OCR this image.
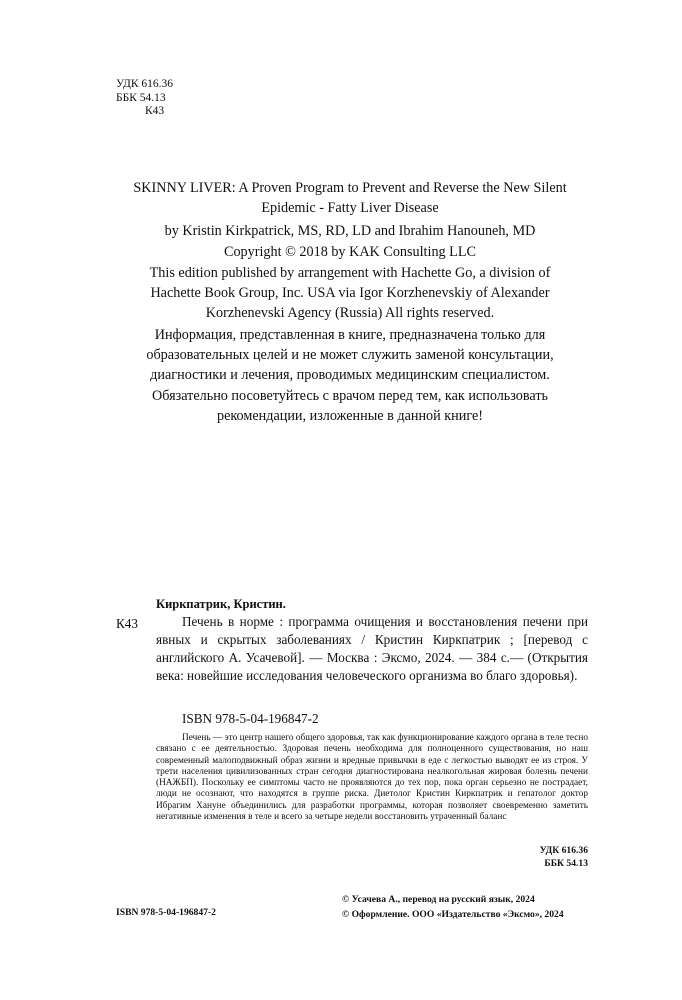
УДК 616.36
ББК 54.13
К43
SKINNY LIVER: A Proven Program to Prevent and Reverse the New Silent Epidemic - Fatty Liver Disease
by Kristin Kirkpatrick, MS, RD, LD and Ibrahim Hanouneh, MD
Copyright © 2018 by KAK Consulting LLC
This edition published by arrangement with Hachette Go, a division of Hachette Book Group, Inc. USA via Igor Korzhenevskiy of Alexander Korzhenevski Agency (Russia) All rights reserved.
Информация, представленная в книге, предназначена только для образовательных целей и не может служить заменой консультации, диагностики и лечения, проводимых медицинским специалистом. Обязательно посоветуйтесь с врачом перед тем, как использовать рекомендации, изложенные в данной книге!
Киркпатрик, Кристин.
К43	Печень в норме : программа очищения и восстановления печени при явных и скрытых заболеваниях / Кристин Киркпатрик ; [перевод с английского А. Усачевой]. — Москва : Эксмо, 2024. — 384 с.— (Открытия века: новейшие исследования человеческого организма во благо здоровья).
ISBN 978-5-04-196847-2
Печень — это центр нашего общего здоровья, так как функционирование каждого органа в теле тесно связано с ее деятельностью. Здоровая печень необходима для полноценного существования, но наш современный малоподвижный образ жизни и вредные привычки в еде с легкостью выводят ее из строя. У трети населения цивилизованных стран сегодня диагностирована неалкогольная жировая болезнь печени (НАЖБП). Поскольку ее симптомы часто не проявляются до тех пор, пока орган серьезно не пострадает, люди не осознают, что находятся в группе риска. Диетолог Кристин Киркпатрик и гепатолог доктор Ибрагим Хануне объединились для разработки программы, которая позволяет своевременно заметить негативные изменения в теле и всего за четыре недели восстановить утраченный баланс
УДК 616.36
ББК 54.13
ISBN 978-5-04-196847-2
© Усачева А., перевод на русский язык, 2024
© Оформление. ООО «Издательство «Эксмо», 2024
